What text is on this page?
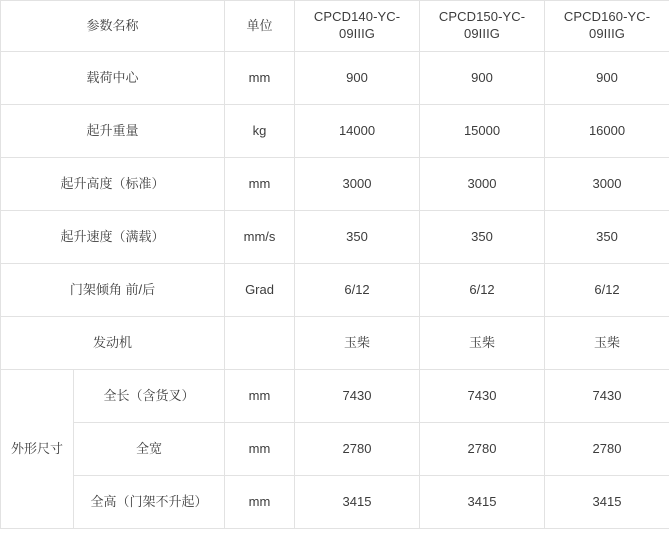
参数名称		单位	CPCD140-YC-09IIIG	CPCD150-YC-09IIIG	CPCD160-YC-09IIIG
载荷中心		mm	900	900	900
起升重量		kg	14000	15000	16000
起升高度（标准）		mm	3000	3000	3000
起升速度（满载）		mm/s	350	350	350
门架倾角 前/后		Grad	6/12	6/12	6/12
发动机			玉柴	玉柴	玉柴
外形尺寸	全长（含货叉）	mm	7430	7430	7430
	全宽	mm	2780	2780	2780
	全高（门架不升起）	mm	3415	3415	3415
